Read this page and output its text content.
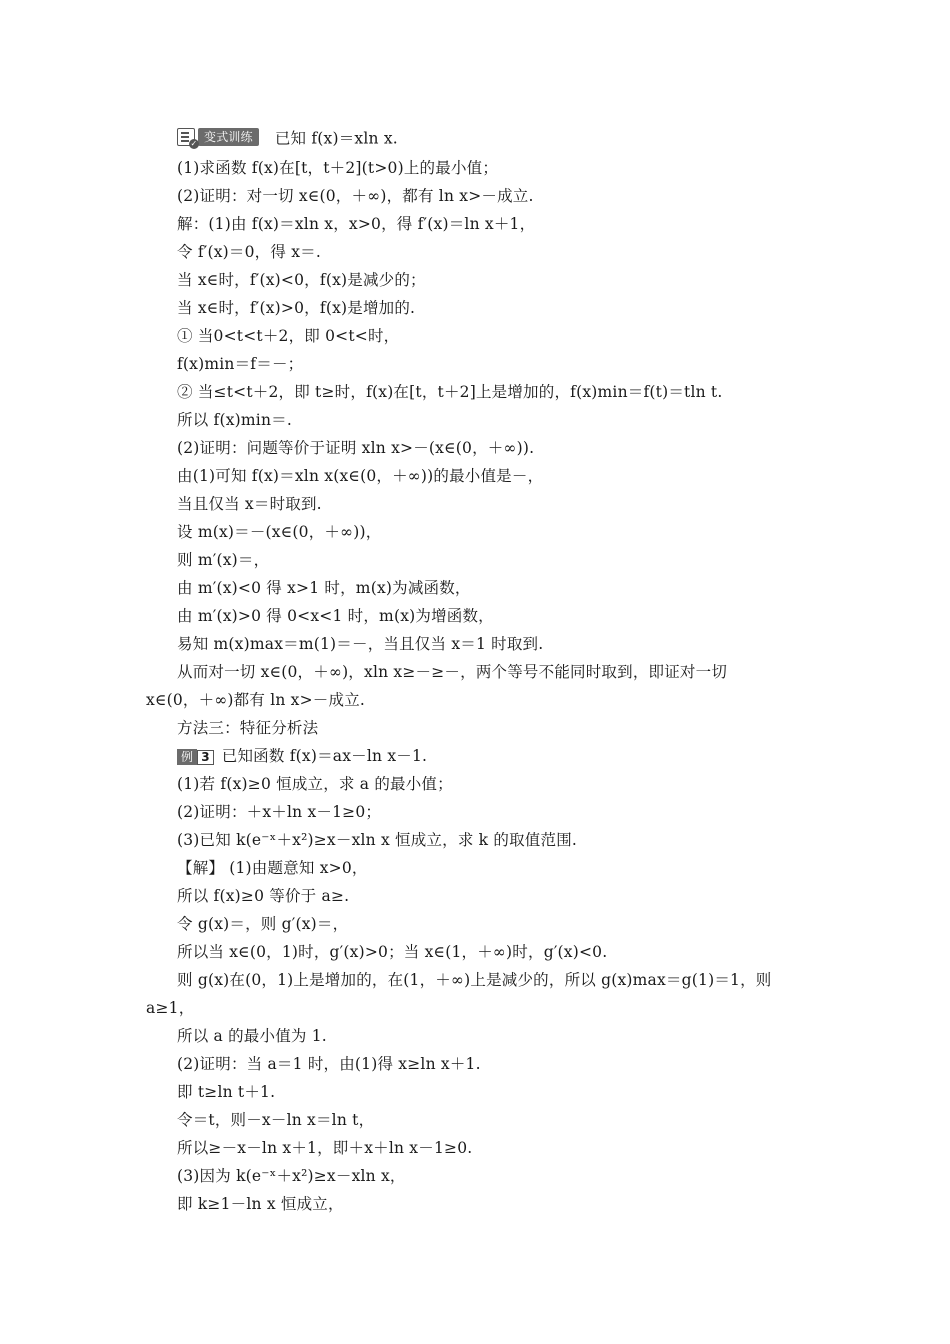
✓ 变式训练	已知 f(x)＝xln x.
(1)求函数 f(x)在[t，t＋2](t>0)上的最小值；
(2)证明：对一切 x∈(0，＋∞)，都有 ln x>－成立.
解：(1)由 f(x)＝xln x，x>0，得 f′(x)＝ln x＋1，
令 f′(x)＝0，得 x＝.
当 x∈时，f′(x)<0，f(x)是减少的；
当 x∈时，f′(x)>0，f(x)是增加的.
① 当0<t<t＋2，即 0<t<时，
f(x)min＝f＝－；
② 当≤t<t＋2，即 t≥时，f(x)在[t，t＋2]上是增加的，f(x)min＝f(t)＝tln t.
所以 f(x)min＝.
(2)证明：问题等价于证明 xln x>－(x∈(0，＋∞)).
由(1)可知 f(x)＝xln x(x∈(0，＋∞))的最小值是－，
当且仅当 x＝时取到.
设 m(x)＝－(x∈(0，＋∞))，
则 m′(x)＝，
由 m′(x)<0 得 x>1 时，m(x)为减函数，
由 m′(x)>0 得 0<x<1 时，m(x)为增函数，
易知 m(x)max＝m(1)＝－，当且仅当 x＝1 时取到.
从而对一切 x∈(0，＋∞)，xln x≥－≥－，两个等号不能同时取到，即证对一切
x∈(0，＋∞)都有 ln x>－成立.
方法三：特征分析法
例 3 已知函数 f(x)＝ax－ln x－1.
(1)若 f(x)≥0 恒成立，求 a 的最小值；
(2)证明：＋x＋ln x－1≥0；
(3)已知 k(e⁻ˣ＋x²)≥x－xln x 恒成立，求 k 的取值范围.
【解】 (1)由题意知 x>0，
所以 f(x)≥0 等价于 a≥.
令 g(x)＝，则 g′(x)＝，
所以当 x∈(0，1)时，g′(x)>0；当 x∈(1，＋∞)时，g′(x)<0.
则 g(x)在(0，1)上是增加的，在(1，＋∞)上是减少的，所以 g(x)max＝g(1)＝1，则
a≥1，
所以 a 的最小值为 1.
(2)证明：当 a＝1 时，由(1)得 x≥ln x＋1.
即 t≥ln t＋1.
令＝t，则－x－ln x＝ln t，
所以≥－x－ln x＋1，即＋x＋ln x－1≥0.
(3)因为 k(e⁻ˣ＋x²)≥x－xln x，
即 k≥1－ln x 恒成立，
